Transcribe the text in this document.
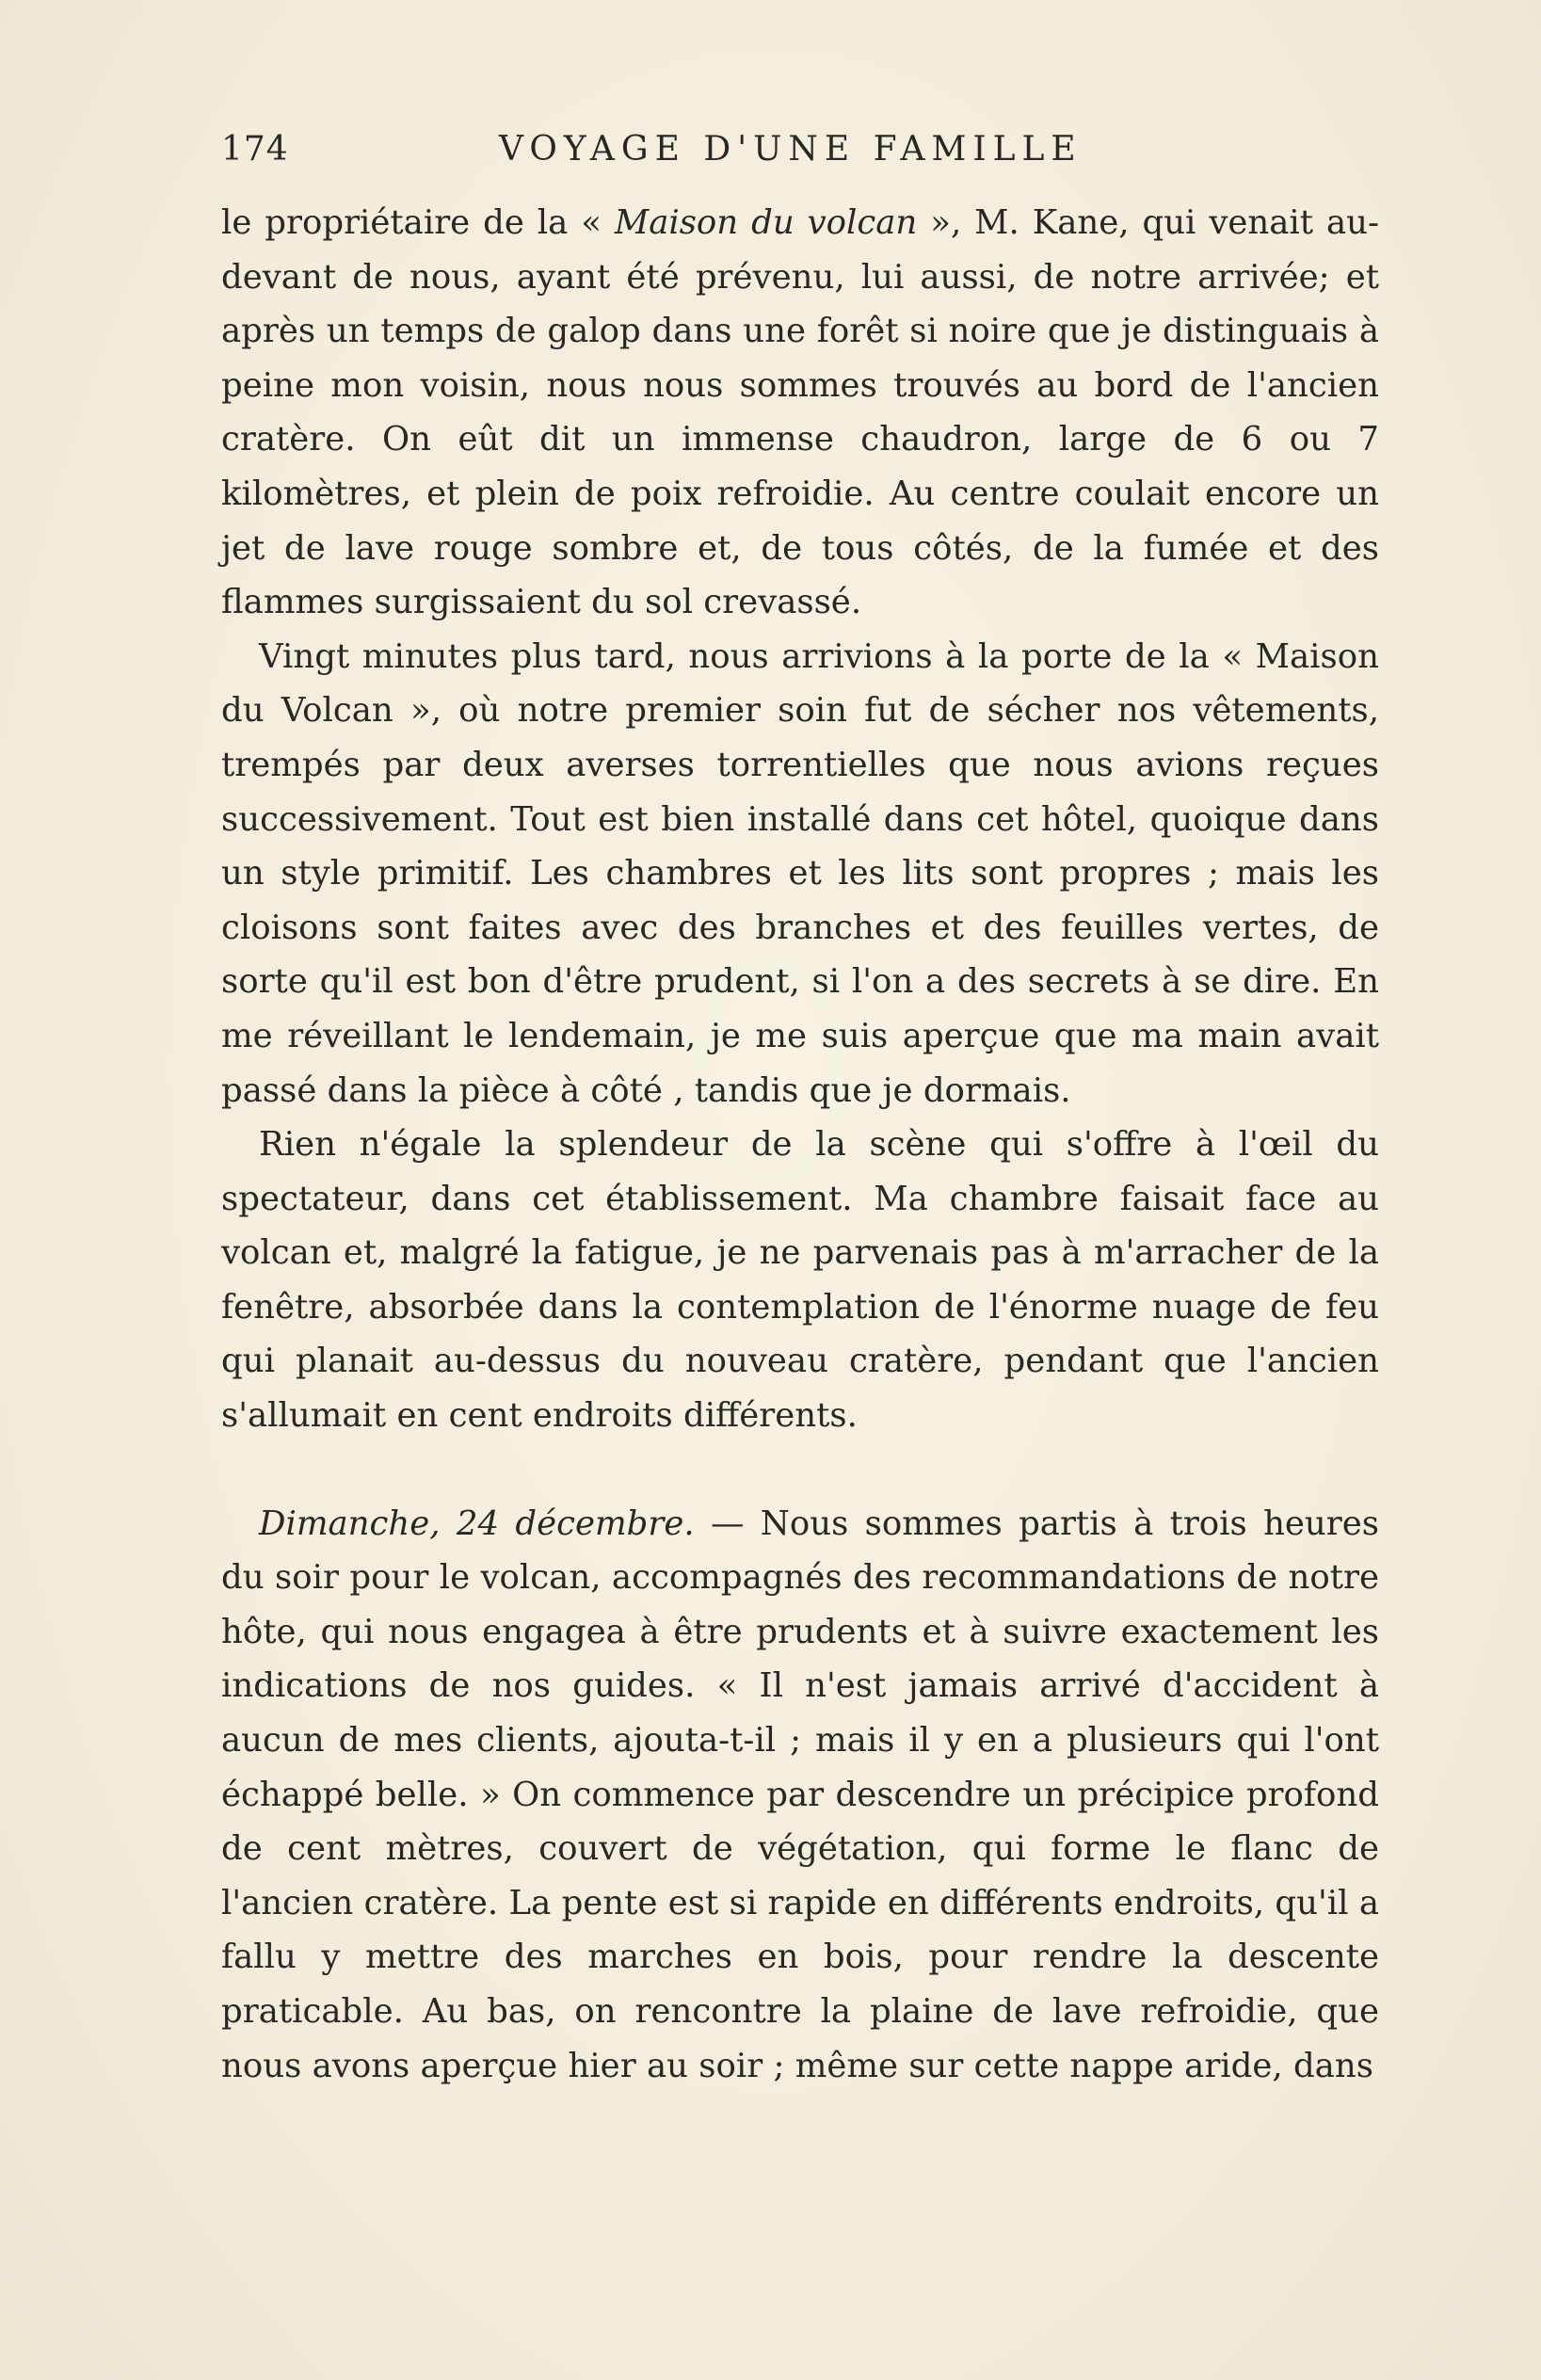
174	VOYAGE D'UNE FAMILLE

le propriétaire de la « Maison du volcan », M. Kane, qui venait au-devant de nous, ayant été prévenu, lui aussi, de notre arrivée; et après un temps de galop dans une forêt si noire que je distinguais à peine mon voisin, nous nous sommes trouvés au bord de l'ancien cratère. On eût dit un immense chaudron, large de 6 ou 7 kilomètres, et plein de poix refroidie. Au centre coulait encore un jet de lave rouge sombre et, de tous côtés, de la fumée et des flammes surgissaient du sol crevassé.

Vingt minutes plus tard, nous arrivions à la porte de la « Maison du Volcan », où notre premier soin fut de sécher nos vêtements, trempés par deux averses torrentielles que nous avions reçues successivement. Tout est bien installé dans cet hôtel, quoique dans un style primitif. Les chambres et les lits sont propres ; mais les cloisons sont faites avec des branches et des feuilles vertes, de sorte qu'il est bon d'être prudent, si l'on a des secrets à se dire. En me réveillant le lendemain, je me suis aperçue que ma main avait passé dans la pièce à côté , tandis que je dormais.

Rien n'égale la splendeur de la scène qui s'offre à l'œil du spectateur, dans cet établissement. Ma chambre faisait face au volcan et, malgré la fatigue, je ne parvenais pas à m'arracher de la fenêtre, absorbée dans la contemplation de l'énorme nuage de feu qui planait au-dessus du nouveau cratère, pendant que l'ancien s'allumait en cent endroits différents.

Dimanche, 24 décembre. — Nous sommes partis à trois heures du soir pour le volcan, accompagnés des recommandations de notre hôte, qui nous engagea à être prudents et à suivre exactement les indications de nos guides. « Il n'est jamais arrivé d'accident à aucun de mes clients, ajouta-t-il ; mais il y en a plusieurs qui l'ont échappé belle. » On commence par descendre un précipice profond de cent mètres, couvert de végétation, qui forme le flanc de l'ancien cratère. La pente est si rapide en différents endroits, qu'il a fallu y mettre des marches en bois, pour rendre la descente praticable. Au bas, on rencontre la plaine de lave refroidie, que nous avons aperçue hier au soir ; même sur cette nappe aride, dans
